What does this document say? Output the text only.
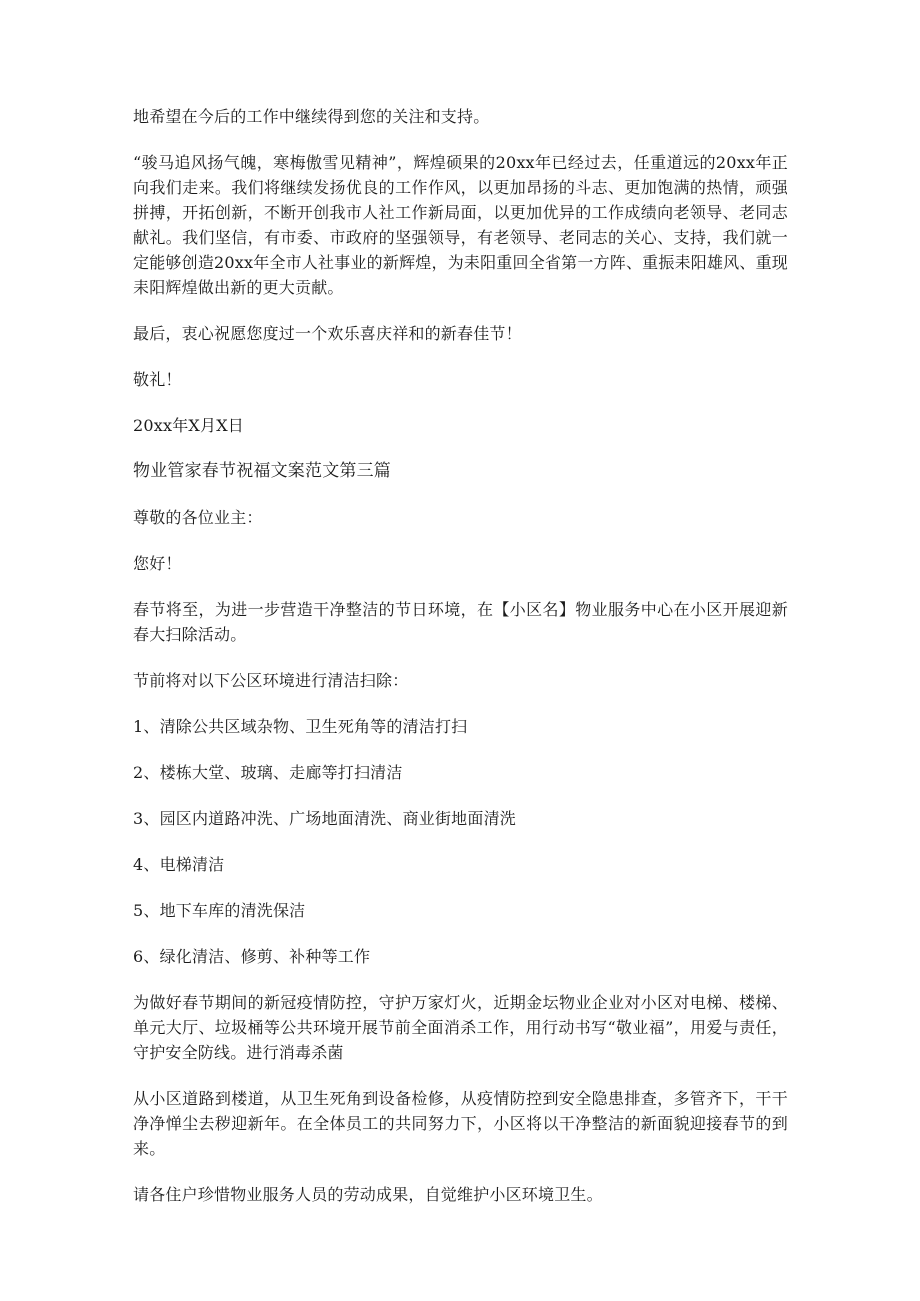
地希望在今后的工作中继续得到您的关注和支持。

“骏马追风扬气魄，寒梅傲雪见精神”，辉煌硕果的20xx年已经过去，任重道远的20xx年正向我们走来。我们将继续发扬优良的工作作风，以更加昂扬的斗志、更加饱满的热情，顽强拼搏，开拓创新，不断开创我市人社工作新局面，以更加优异的工作成绩向老领导、老同志献礼。我们坚信，有市委、市政府的坚强领导，有老领导、老同志的关心、支持，我们就一定能够创造20xx年全市人社事业的新辉煌，为耒阳重回全省第一方阵、重振耒阳雄风、重现耒阳辉煌做出新的更大贡献。

最后，衷心祝愿您度过一个欢乐喜庆祥和的新春佳节！

敬礼！

20xx年X月X日

物业管家春节祝福文案范文第三篇

尊敬的各位业主：

您好！

春节将至，为进一步营造干净整洁的节日环境，在【小区名】物业服务中心在小区开展迎新春大扫除活动。

节前将对以下公区环境进行清洁扫除：

1、清除公共区域杂物、卫生死角等的清洁打扫

2、楼栋大堂、玻璃、走廊等打扫清洁

3、园区内道路冲洗、广场地面清洗、商业街地面清洗

4、电梯清洁

5、地下车库的清洗保洁

6、绿化清洁、修剪、补种等工作

为做好春节期间的新冠疫情防控，守护万家灯火，近期金坛物业企业对小区对电梯、楼梯、单元大厅、垃圾桶等公共环境开展节前全面消杀工作，用行动书写“敬业福”，用爱与责任，守护安全防线。进行消毒杀菌

从小区道路到楼道，从卫生死角到设备检修，从疫情防控到安全隐患排查，多管齐下，干干净净惮尘去秽迎新年。在全体员工的共同努力下，小区将以干净整洁的新面貌迎接春节的到来。

请各住户珍惜物业服务人员的劳动成果，自觉维护小区环境卫生。
